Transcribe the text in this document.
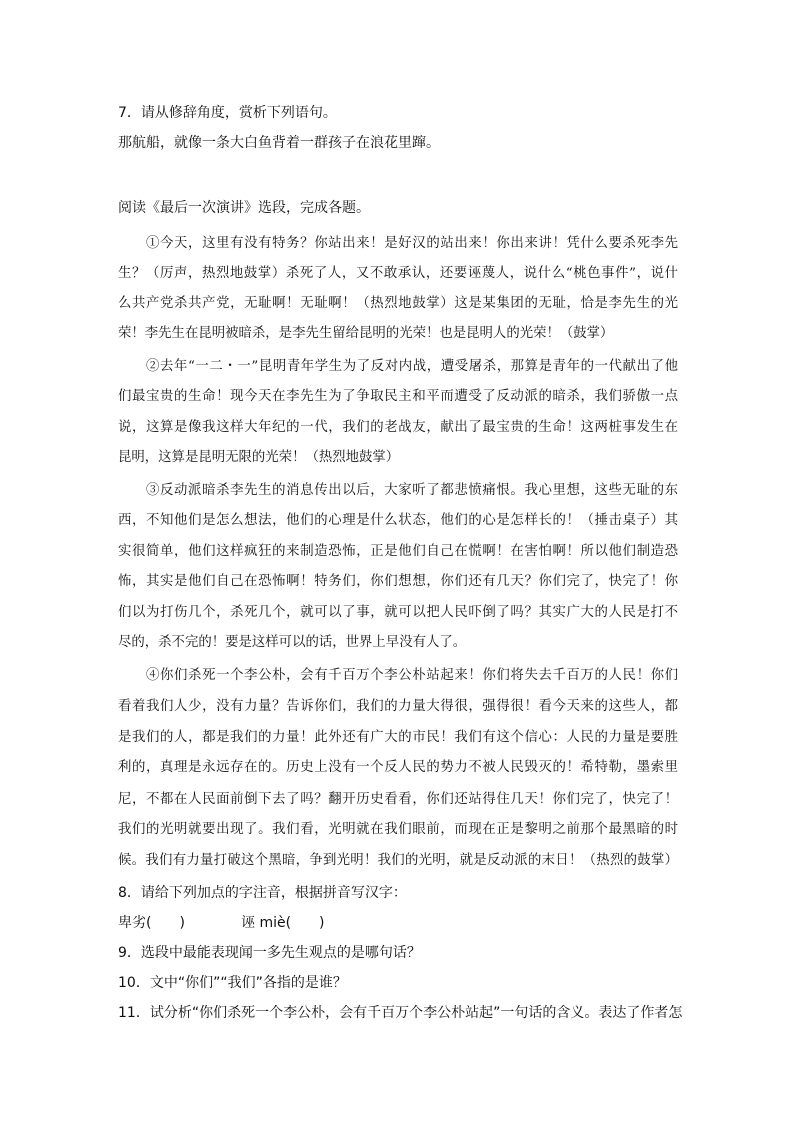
7．请从修辞角度，赏析下列语句。
那航船，就像一条大白鱼背着一群孩子在浪花里蹿。
阅读《最后一次演讲》选段，完成各题。
①今天，这里有没有特务？你站出来！是好汉的站出来！你出来讲！凭什么要杀死李先
生？（厉声，热烈地鼓掌）杀死了人，又不敢承认，还要诬蔑人，说什么“桃色事件”，说什
么共产党杀共产党，无耻啊！无耻啊！（热烈地鼓掌）这是某集团的无耻，恰是李先生的光
荣！李先生在昆明被暗杀，是李先生留给昆明的光荣！也是昆明人的光荣！（鼓掌）
②去年“一二・一”昆明青年学生为了反对内战，遭受屠杀，那算是青年的一代献出了他
们最宝贵的生命！现今天在李先生为了争取民主和平而遭受了反动派的暗杀，我们骄傲一点
说，这算是像我这样大年纪的一代，我们的老战友，献出了最宝贵的生命！这两桩事发生在
昆明，这算是昆明无限的光荣！（热烈地鼓掌）
③反动派暗杀李先生的消息传出以后，大家听了都悲愤痛恨。我心里想，这些无耻的东
西，不知他们是怎么想法，他们的心理是什么状态，他们的心是怎样长的！（捶击桌子）其
实很简单，他们这样疯狂的来制造恐怖，正是他们自己在慌啊！在害怕啊！所以他们制造恐
怖，其实是他们自己在恐怖啊！特务们，你们想想，你们还有几天？你们完了，快完了！你
们以为打伤几个，杀死几个，就可以了事，就可以把人民吓倒了吗？其实广大的人民是打不
尽的，杀不完的！要是这样可以的话，世界上早没有人了。
④你们杀死一个李公朴，会有千百万个李公朴站起来！你们将失去千百万的人民！你们
看着我们人少，没有力量？告诉你们，我们的力量大得很，强得很！看今天来的这些人，都
是我们的人，都是我们的力量！此外还有广大的市民！我们有这个信心：人民的力量是要胜
利的，真理是永远存在的。历史上没有一个反人民的势力不被人民毁灭的！希特勒，墨索里
尼，不都在人民面前倒下去了吗？翻开历史看看，你们还站得住几天！你们完了，快完了！
我们的光明就要出现了。我们看，光明就在我们眼前，而现在正是黎明之前那个最黑暗的时
候。我们有力量打破这个黑暗，争到光明！我们的光明，就是反动派的末日！（热烈的鼓掌）
8．请给下列加点的字注音，根据拼音写汉字：
卑劣(　　)	诬 miè(　　)
9．选段中最能表现闻一多先生观点的是哪句话？
10．文中“你们”“我们”各指的是谁？
11．试分析“你们杀死一个李公朴，会有千百万个李公朴站起”一句话的含义。表达了作者怎
